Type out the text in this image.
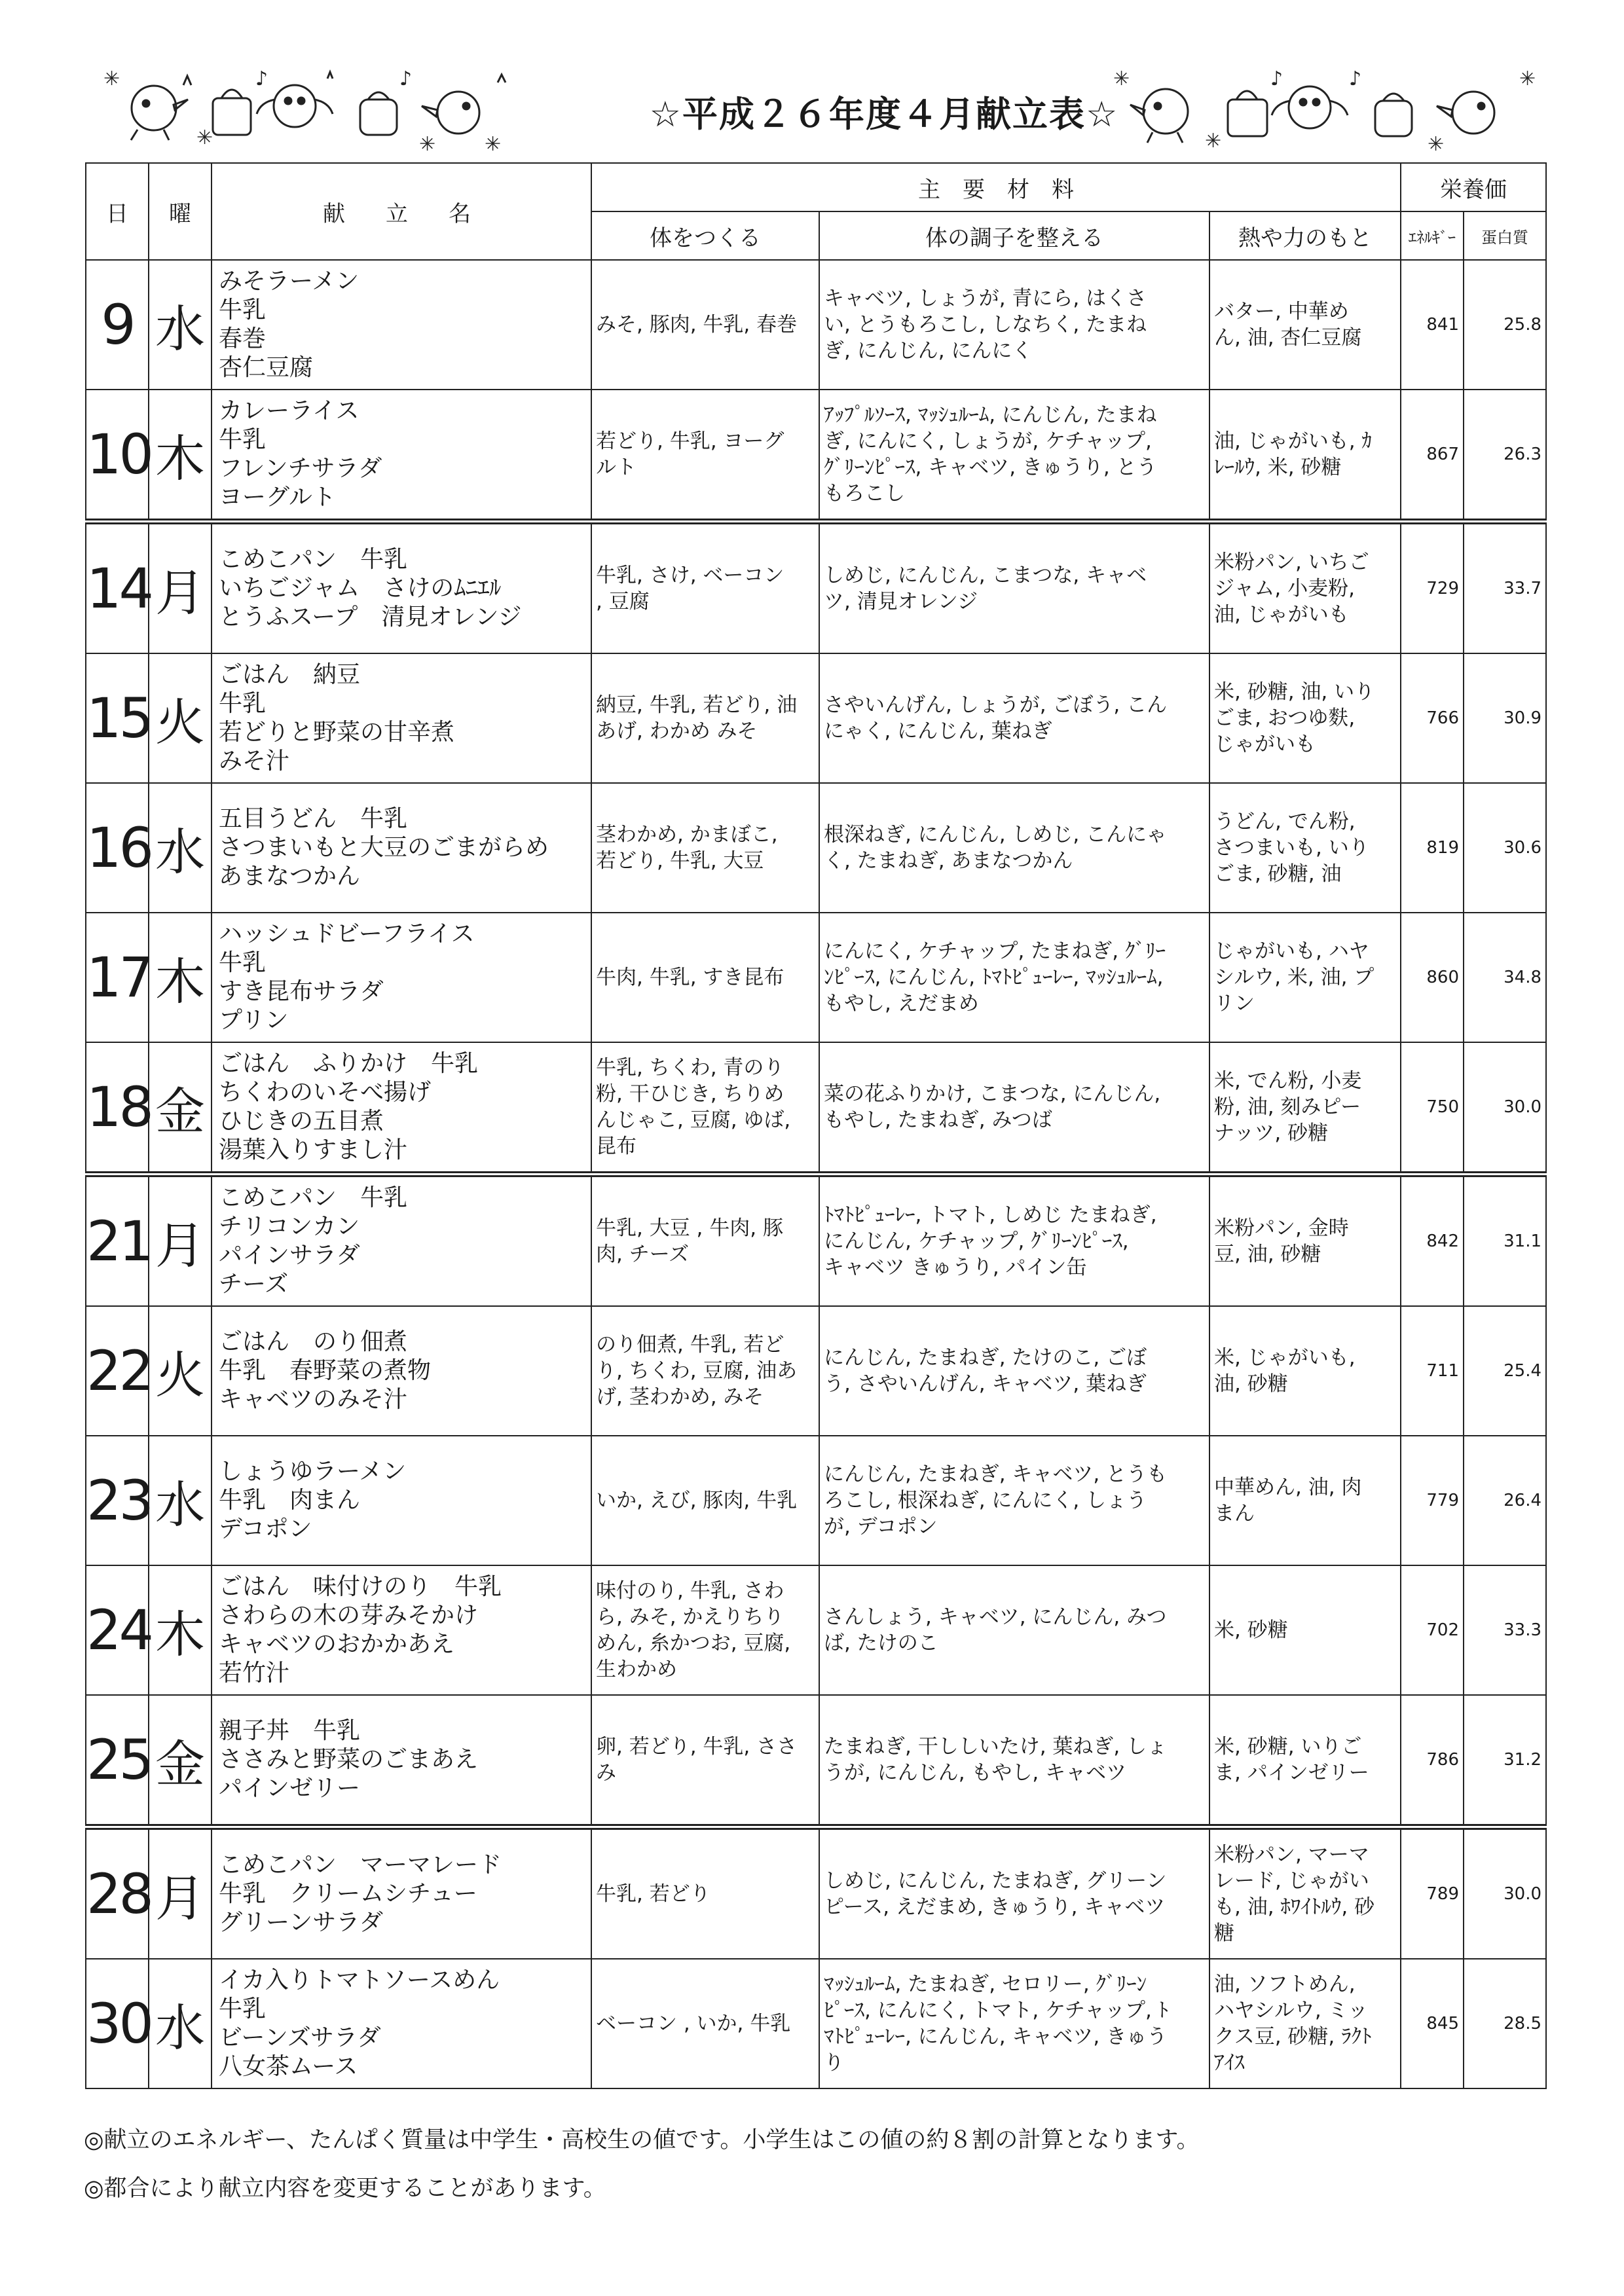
✳
✳	✳
♪	♪
✳
☆平成２６年度４月献立表☆
✳
✳
♪
✳
✳
♪
日	曜	献　立　名	主　要　材　料			栄養価	
			体をつくる	体の調子を整える	熱や力のもと	ｴﾈﾙｷﾞｰ	蛋白質
9	水	みそラーメン
牛乳
春巻
杏仁豆腐	みそ, 豚肉, 牛乳, 春巻	キャベツ, しょうが, 青にら, はくさ
い, とうもろこし, しなちく, たまね
ぎ, にんじん, にんにく	バター, 中華め
ん, 油, 杏仁豆腐	841	25.8
10	木	カレーライス
牛乳
フレンチサラダ
ヨーグルト	若どり, 牛乳, ヨーグ
ルト	ｱｯﾌﾟﾙｿｰｽ, ﾏｯｼｭﾙｰﾑ, にんじん, たまね
ぎ, にんにく, しょうが, ケチャップ,
ｸﾞﾘｰﾝﾋﾟｰｽ, キャベツ, きゅうり, とう
もろこし	油, じゃがいも, ｶ
ﾚｰﾙｳ, 米, 砂糖	867	26.3
14	月	こめこパン　牛乳
いちごジャム　さけのﾑﾆｴﾙ
とうふスープ　清見オレンジ	牛乳, さけ, ベーコン
, 豆腐	しめじ, にんじん, こまつな, キャベ
ツ, 清見オレンジ	米粉パン, いちご
ジャム, 小麦粉,
油, じゃがいも	729	33.7
15	火	ごはん　納豆
牛乳
若どりと野菜の甘辛煮
みそ汁	納豆, 牛乳, 若どり, 油
あげ, わかめ みそ	さやいんげん, しょうが, ごぼう, こん
にゃく, にんじん, 葉ねぎ	米, 砂糖, 油, いり
ごま, おつゆ麩,
じゃがいも	766	30.9
16	水	五目うどん　牛乳
さつまいもと大豆のごまがらめ
あまなつかん	茎わかめ, かまぼこ,
若どり, 牛乳, 大豆	根深ねぎ, にんじん, しめじ, こんにゃ
く, たまねぎ, あまなつかん	うどん, でん粉,
さつまいも, いり
ごま, 砂糖, 油	819	30.6
17	木	ハッシュドビーフライス
牛乳
すき昆布サラダ
プリン	牛肉, 牛乳, すき昆布	にんにく, ケチャップ, たまねぎ, ｸﾞﾘｰ
ﾝﾋﾟｰｽ, にんじん, ﾄﾏﾄﾋﾟｭｰﾚｰ, ﾏｯｼｭﾙｰﾑ,
もやし, えだまめ	じゃがいも, ハヤ
シルウ, 米, 油, プ
リン	860	34.8
18	金	ごはん　ふりかけ　牛乳
ちくわのいそべ揚げ
ひじきの五目煮
湯葉入りすまし汁	牛乳, ちくわ, 青のり
粉, 干ひじき, ちりめ
んじゃこ, 豆腐, ゆば,
昆布	菜の花ふりかけ, こまつな, にんじん,
もやし, たまねぎ, みつば	米, でん粉, 小麦
粉, 油, 刻みピー
ナッツ, 砂糖	750	30.0
21	月	こめこパン　牛乳
チリコンカン
パインサラダ
チーズ	牛乳, 大豆 , 牛肉, 豚
肉, チーズ	ﾄﾏﾄﾋﾟｭｰﾚｰ, トマト, しめじ たまねぎ,
にんじん, ケチャップ, ｸﾞﾘｰﾝﾋﾟｰｽ,
キャベツ きゅうり, パイン缶	米粉パン, 金時
豆, 油, 砂糖	842	31.1
22	火	ごはん　のり佃煮
牛乳　春野菜の煮物
キャベツのみそ汁	のり佃煮, 牛乳, 若ど
り, ちくわ, 豆腐, 油あ
げ, 茎わかめ, みそ	にんじん, たまねぎ, たけのこ, ごぼ
う, さやいんげん, キャベツ, 葉ねぎ	米, じゃがいも,
油, 砂糖	711	25.4
23	水	しょうゆラーメン
牛乳　肉まん
デコポン	いか, えび, 豚肉, 牛乳	にんじん, たまねぎ, キャベツ, とうも
ろこし, 根深ねぎ, にんにく, しょう
が, デコポン	中華めん, 油, 肉
まん	779	26.4
24	木	ごはん　味付けのり　牛乳
さわらの木の芽みそかけ
キャベツのおかかあえ
若竹汁	味付のり, 牛乳, さわ
ら, みそ, かえりちり
めん, 糸かつお, 豆腐,
生わかめ	さんしょう, キャベツ, にんじん, みつ
ば, たけのこ	米, 砂糖	702	33.3
25	金	親子丼　牛乳
ささみと野菜のごまあえ
パインゼリー	卵, 若どり, 牛乳, ささ
み	たまねぎ, 干ししいたけ, 葉ねぎ, しょ
うが, にんじん, もやし, キャベツ	米, 砂糖, いりご
ま, パインゼリー	786	31.2
28	月	こめこパン　マーマレード
牛乳　クリームシチュー
グリーンサラダ	牛乳, 若どり	しめじ, にんじん, たまねぎ, グリーン
ピース, えだまめ, きゅうり, キャベツ	米粉パン, マーマ
レード, じゃがい
も, 油, ﾎﾜｲﾄﾙｳ, 砂
糖	789	30.0
30	水	イカ入りトマトソースめん
牛乳
ビーンズサラダ
八女茶ムース	ベーコン , いか, 牛乳	ﾏｯｼｭﾙｰﾑ, たまねぎ, セロリー, ｸﾞﾘｰﾝ
ﾋﾟｰｽ, にんにく, トマト, ケチャップ, ﾄ
ﾏﾄﾋﾟｭｰﾚｰ, にんじん, キャベツ, きゅう
り	油, ソフトめん,
ハヤシルウ, ミッ
クス豆, 砂糖, ﾗｸﾄ
ｱｲｽ	845	28.5
◎献立のエネルギー、たんぱく質量は中学生・高校生の値です。小学生はこの値の約８割の計算となります。
◎都合により献立内容を変更することがあります。
